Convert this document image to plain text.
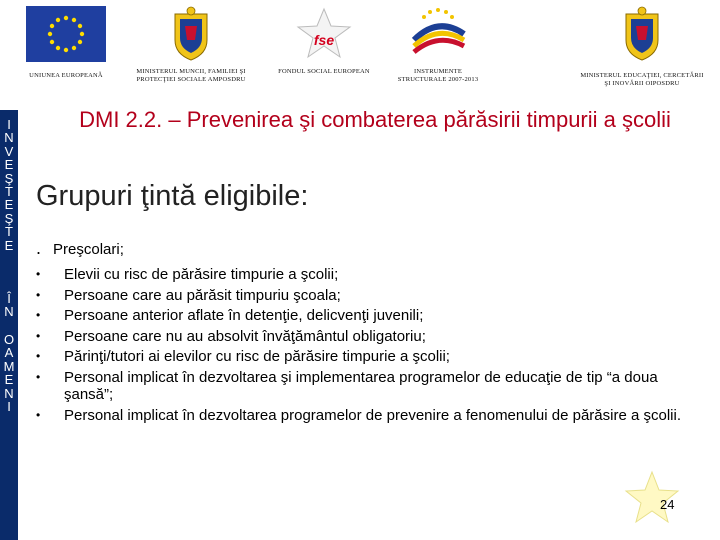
UNIUNEA EUROPEANĂ
MINISTERUL MUNCII, FAMILIEI ŞI PROTECŢIEI SOCIALE AMPOSDRU
fse
FONDUL SOCIAL EUROPEAN	INSTRUMENTE STRUCTURALE 2007-2013
MINISTERUL EDUCAŢIEI, CERCETĂRII ŞI INOVĂRII OIPOSDRU
I
N
V
E
Ş
T
E
Ş
T
E
Î
N
O
A
M
E
N
I
DMI 2.2. – Prevenirea şi combaterea părăsirii timpurii a şcolii
Grupuri ţintă eligibile:
. Preşcolari;
• Elevii cu risc de părăsire timpurie a şcolii;
• Persoane care au părăsit timpuriu şcoala;
• Persoane anterior aflate în detenţie, delicvenţi juvenili;
• Persoane care nu au absolvit învăţământul obligatoriu;
• Părinţi/tutori ai elevilor cu risc de părăsire timpurie a şcolii;
• Personal implicat în dezvoltarea şi implementarea programelor de educaţie de tip “a doua şansă”;
• Personal implicat în dezvoltarea programelor de prevenire a fenomenului de părăsire a şcolii.
24
